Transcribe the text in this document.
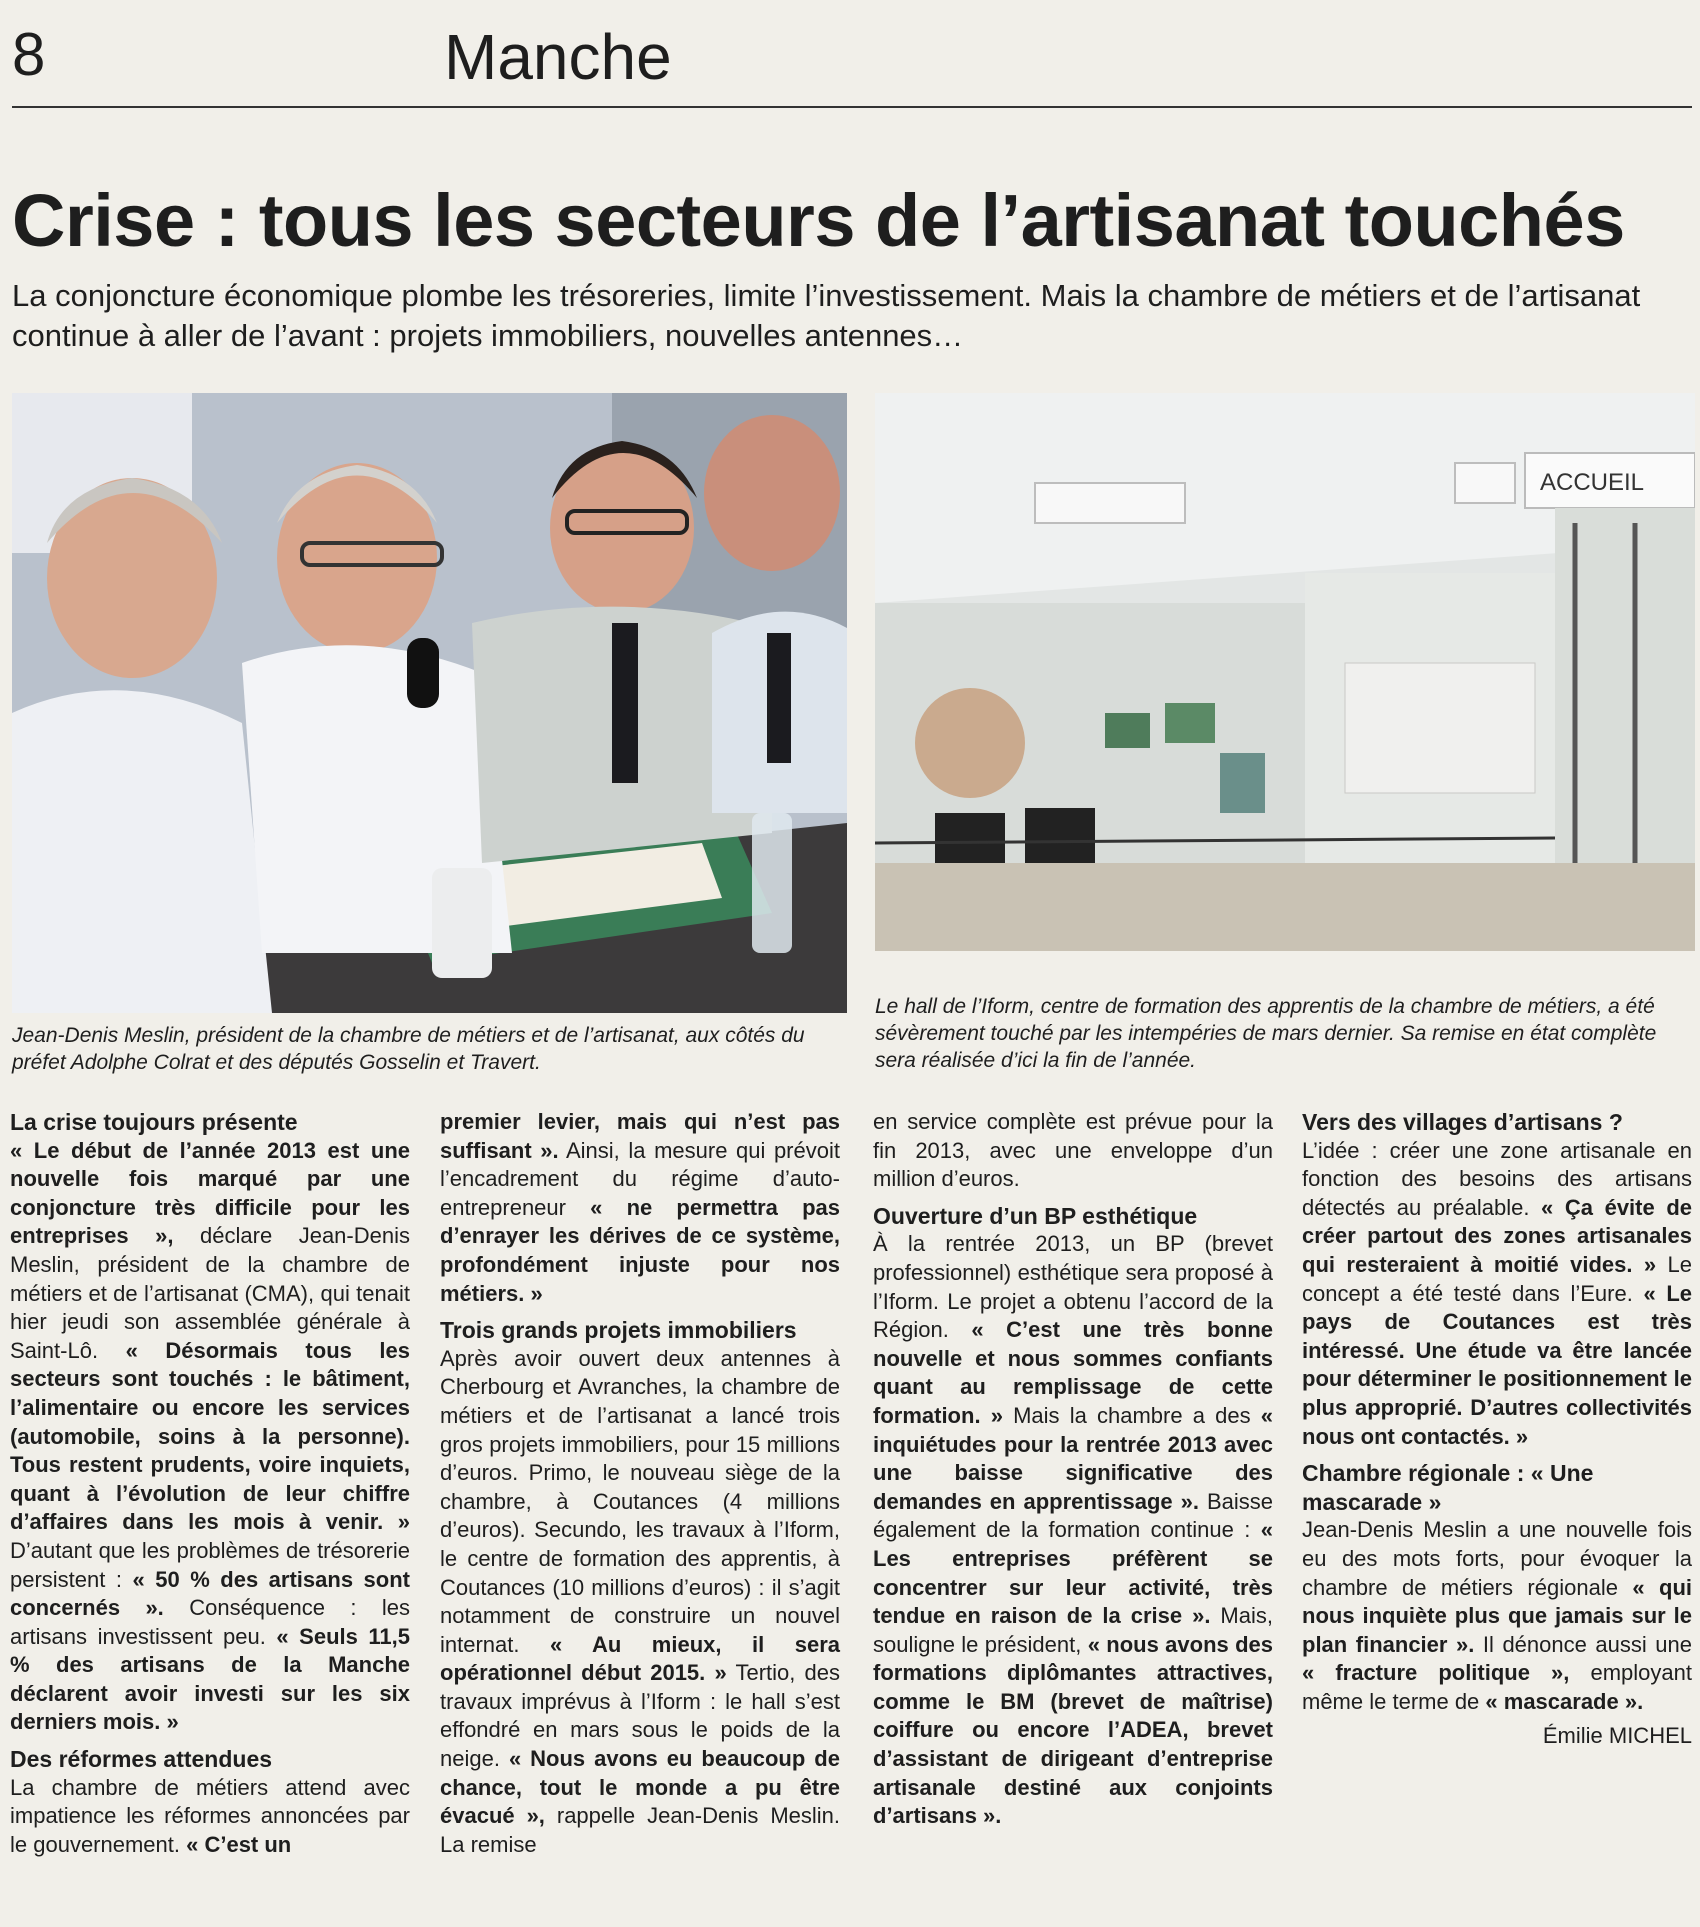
8	Manche
Crise : tous les secteurs de l’artisanat touchés
La conjoncture économique plombe les trésoreries, limite l’investissement. Mais la chambre de métiers et de l’artisanat continue à aller de l’avant : projets immobiliers, nouvelles antennes…
Jean-Denis Meslin, président de la chambre de métiers et de l’artisanat, aux côtés du préfet Adolphe Colrat et des députés Gosselin et Travert.
ACCUEIL
Le hall de l’Iform, centre de formation des apprentis de la chambre de métiers, a été sévèrement touché par les intempéries de mars dernier. Sa remise en état complète sera réalisée d’ici la fin de l’année.
La crise toujours présente

« Le début de l’année 2013 est une nouvelle fois marqué par une conjoncture très difficile pour les entreprises », déclare Jean-Denis Meslin, président de la chambre de métiers et de l’artisanat (CMA), qui tenait hier jeudi son assemblée générale à Saint-Lô. « Désormais tous les secteurs sont touchés : le bâtiment, l’alimentaire ou encore les services (automobile, soins à la personne). Tous restent prudents, voire inquiets, quant à l’évolution de leur chiffre d’affaires dans les mois à venir. » D’autant que les problèmes de trésorerie persistent : « 50 % des artisans sont concernés ». Conséquence : les artisans investissent peu. « Seuls 11,5 % des artisans de la Manche déclarent avoir investi sur les six derniers mois. »

Des réformes attendues

La chambre de métiers attend avec impatience les réformes annoncées par le gouvernement. « C’est un

premier levier, mais qui n’est pas suffisant ». Ainsi, la mesure qui prévoit l’encadrement du régime d’auto-entrepreneur « ne permettra pas d’enrayer les dérives de ce système, profondément injuste pour nos métiers. »

Trois grands projets immobiliers

Après avoir ouvert deux antennes à Cherbourg et Avranches, la chambre de métiers et de l’artisanat a lancé trois gros projets immobiliers, pour 15 millions d’euros. Primo, le nouveau siège de la chambre, à Coutances (4 millions d’euros). Secundo, les travaux à l’Iform, le centre de formation des apprentis, à Coutances (10 millions d’euros) : il s’agit notamment de construire un nouvel internat. « Au mieux, il sera opérationnel début 2015. » Tertio, des travaux imprévus à l’Iform : le hall s’est effondré en mars sous le poids de la neige. « Nous avons eu beaucoup de chance, tout le monde a pu être évacué », rappelle Jean-Denis Meslin. La remise

en service complète est prévue pour la fin 2013, avec une enveloppe d’un million d’euros.

Ouverture d’un BP esthétique

À la rentrée 2013, un BP (brevet professionnel) esthétique sera proposé à l’Iform. Le projet a obtenu l’accord de la Région. « C’est une très bonne nouvelle et nous sommes confiants quant au remplissage de cette formation. » Mais la chambre a des « inquiétudes pour la rentrée 2013 avec une baisse significative des demandes en apprentissage ». Baisse également de la formation continue : « Les entreprises préfèrent se concentrer sur leur activité, très tendue en raison de la crise ». Mais, souligne le président, « nous avons des formations diplômantes attractives, comme le BM (brevet de maîtrise) coiffure ou encore l’ADEA, brevet d’assistant de dirigeant d’entreprise artisanale destiné aux conjoints d’artisans ».

Vers des villages d’artisans ?

L’idée : créer une zone artisanale en fonction des besoins des artisans détectés au préalable. « Ça évite de créer partout des zones artisanales qui resteraient à moitié vides. » Le concept a été testé dans l’Eure. « Le pays de Coutances est très intéressé. Une étude va être lancée pour déterminer le positionnement le plus approprié. D’autres collectivités nous ont contactés. »

Chambre régionale : « Une mascarade »

Jean-Denis Meslin a une nouvelle fois eu des mots forts, pour évoquer la chambre de métiers régionale « qui nous inquiète plus que jamais sur le plan financier ». Il dénonce aussi une « fracture politique », employant même le terme de « mascarade ».

Émilie MICHEL
